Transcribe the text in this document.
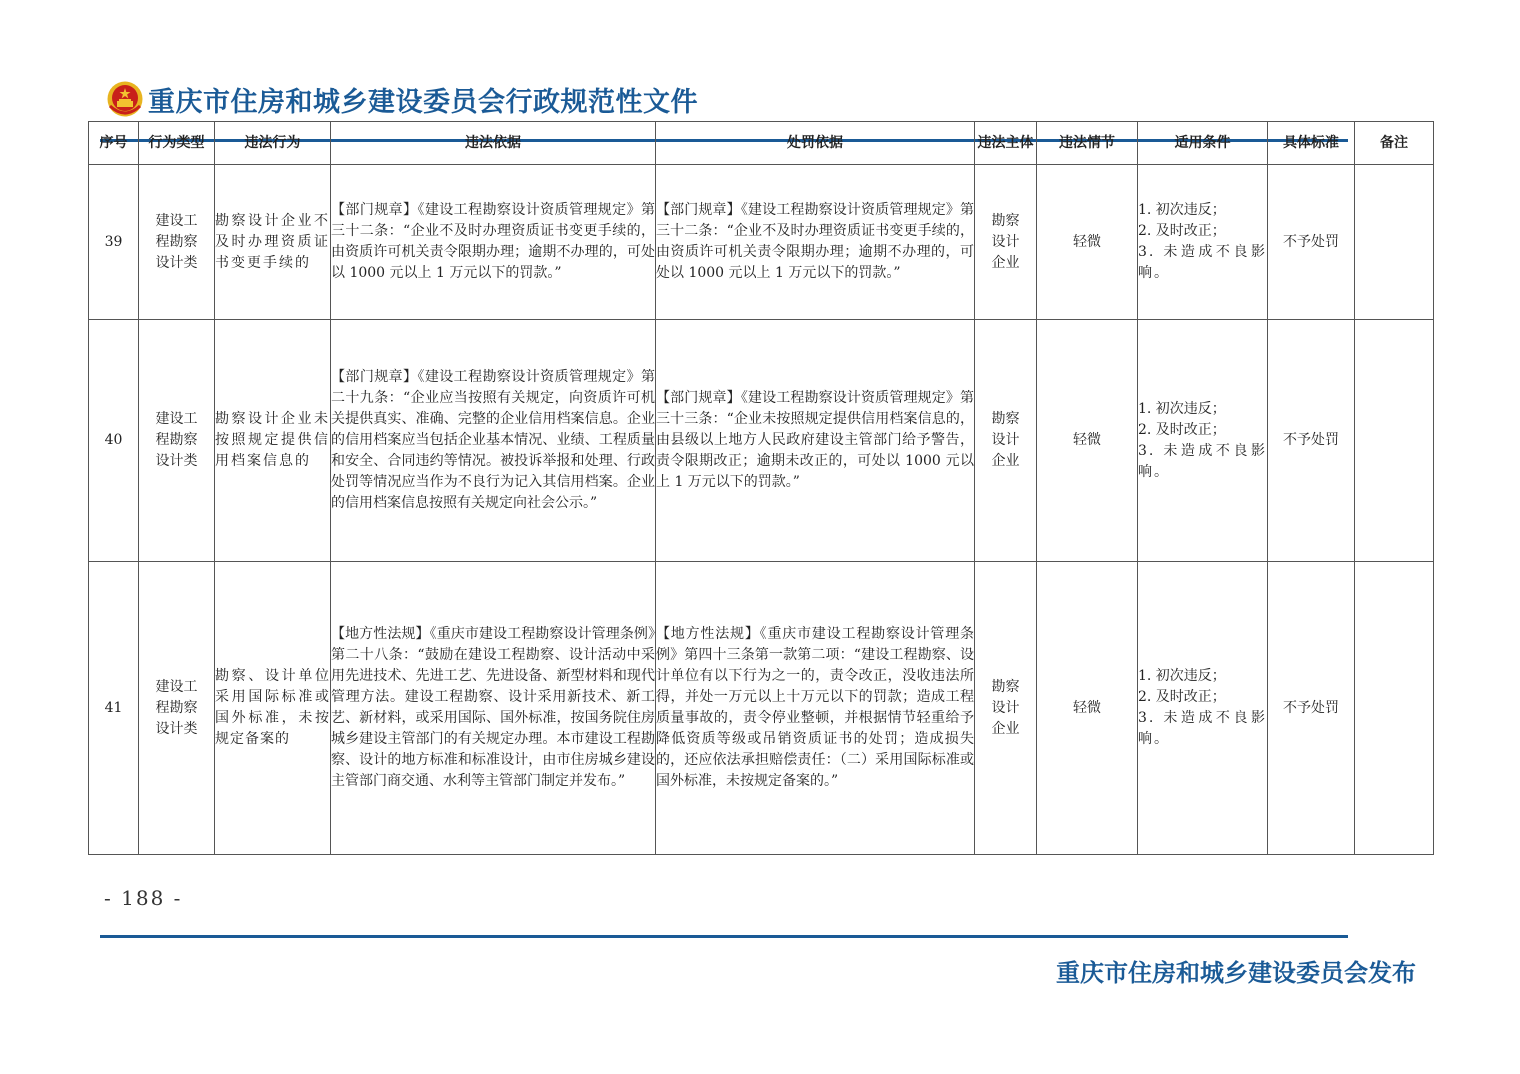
重庆市住房和城乡建设委员会行政规范性文件
序号	行为类型	违法行为	违法依据	处罚依据	违法主体	违法情节	适用条件	具体标准	备注
39	建设工程勘察设计类	勘察设计企业不及时办理资质证书变更手续的	【部门规章】《建设工程勘察设计资质管理规定》第三十二条：“企业不及时办理资质证书变更手续的，由资质许可机关责令限期办理；逾期不办理的，可处以 1000 元以上 1 万元以下的罚款。”	【部门规章】《建设工程勘察设计资质管理规定》第三十二条：“企业不及时办理资质证书变更手续的，由资质许可机关责令限期办理；逾期不办理的，可处以 1000 元以上 1 万元以下的罚款。”	勘察设计企业	轻微	1. 初次违反；
2. 及时改正；
3. 未造成不良影响。	不予处罚	
40	建设工程勘察设计类	勘察设计企业未按照规定提供信用档案信息的	【部门规章】《建设工程勘察设计资质管理规定》第二十九条：“企业应当按照有关规定，向资质许可机关提供真实、准确、完整的企业信用档案信息。企业的信用档案应当包括企业基本情况、业绩、工程质量和安全、合同违约等情况。被投诉举报和处理、行政处罚等情况应当作为不良行为记入其信用档案。企业的信用档案信息按照有关规定向社会公示。”	【部门规章】《建设工程勘察设计资质管理规定》第三十三条：“企业未按照规定提供信用档案信息的，由县级以上地方人民政府建设主管部门给予警告，责令限期改正；逾期未改正的，可处以 1000 元以上 1 万元以下的罚款。”	勘察设计企业	轻微	1. 初次违反；
2. 及时改正；
3. 未造成不良影响。	不予处罚	
41	建设工程勘察设计类	勘察、设计单位采用国际标准或国外标准，未按规定备案的	【地方性法规】《重庆市建设工程勘察设计管理条例》第二十八条：“鼓励在建设工程勘察、设计活动中采用先进技术、先进工艺、先进设备、新型材料和现代管理方法。建设工程勘察、设计采用新技术、新工艺、新材料，或采用国际、国外标准，按国务院住房城乡建设主管部门的有关规定办理。本市建设工程勘察、设计的地方标准和标准设计，由市住房城乡建设主管部门商交通、水利等主管部门制定并发布。”	【地方性法规】《重庆市建设工程勘察设计管理条例》第四十三条第一款第二项：“建设工程勘察、设计单位有以下行为之一的，责令改正，没收违法所得，并处一万元以上十万元以下的罚款；造成工程质量事故的，责令停业整顿，并根据情节轻重给予降低资质等级或吊销资质证书的处罚；造成损失的，还应依法承担赔偿责任：（二）采用国际标准或国外标准，未按规定备案的。”	勘察设计企业	轻微	1. 初次违反；
2. 及时改正；
3. 未造成不良影响。	不予处罚	
- 188 -
重庆市住房和城乡建设委员会发布
